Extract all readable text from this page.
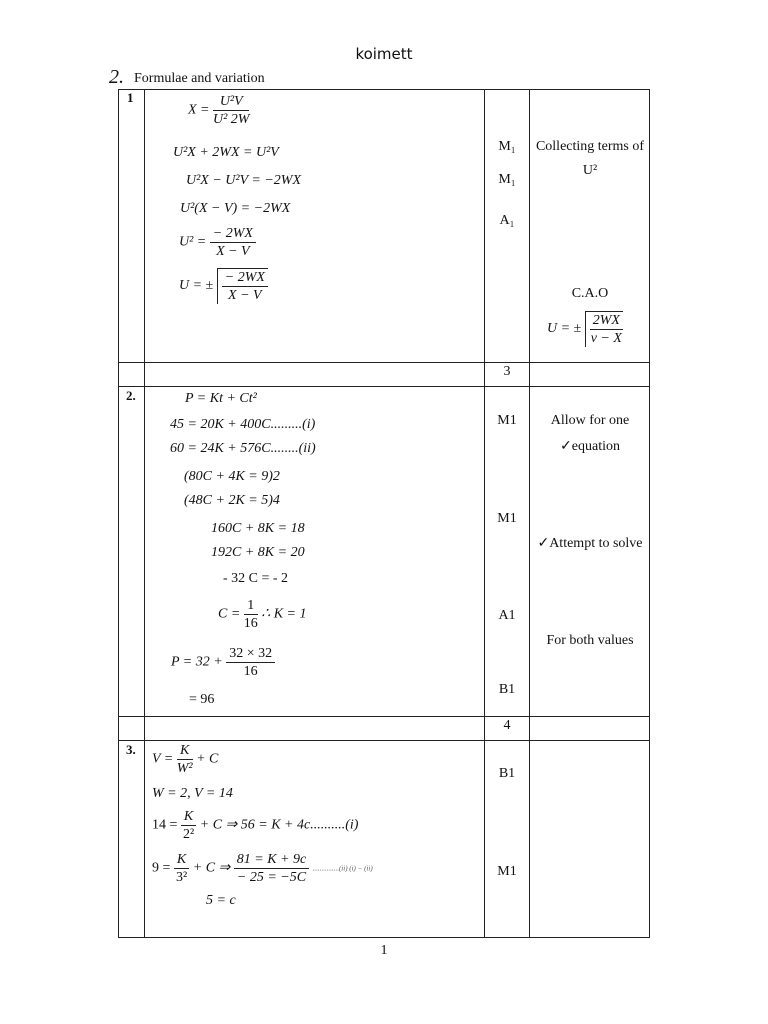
koimett
2. Formulae and variation
1
$X = \frac{\text{U²V}}{\text{U² 2W}}$
U²X + 2WX = U²V
U²X − U²V = −2WX
U²(X − V) = −2WX
$U^2 = \frac{- 2WX}{X - V}$
U = ± $\frac{- 2WX}{X - V}$
M₁
M₁
A₁
Collecting terms of
U²
C.A.O
U = ± $\frac{2WX}{v - X}$
3
2.	P = Kt + Ct²
45 = 20K + 400C.........(i)
60 = 24K + 576C........(ii)
(80C + 4K = 9)2
(48C + 2K = 5)4
160C + 8K = 18
192C + 8K = 20
- 32 C = - 2
$C = \frac{1}{16}$ ∴ K = 1
$P = 32 + \frac{32 \times 32}{16}$
= 96
M1
M1
A1
B1
Allow for one
✓equation
✓Attempt to solve
For both values
4
3.
$V = \frac{K}{\text{W²}} + C$
W = 2, V = 14
$14 = \frac{K}{\text{2²}} + C$ ⇒ 56 = K + 4c..........(i)
$9 = \frac{K}{\text{3²}} + C$ ⇒ $\frac{81 = K + 9c}{- 25 = -5C} ...............(ii) (i) - (ii)$
5 = c
B1
M1
1
